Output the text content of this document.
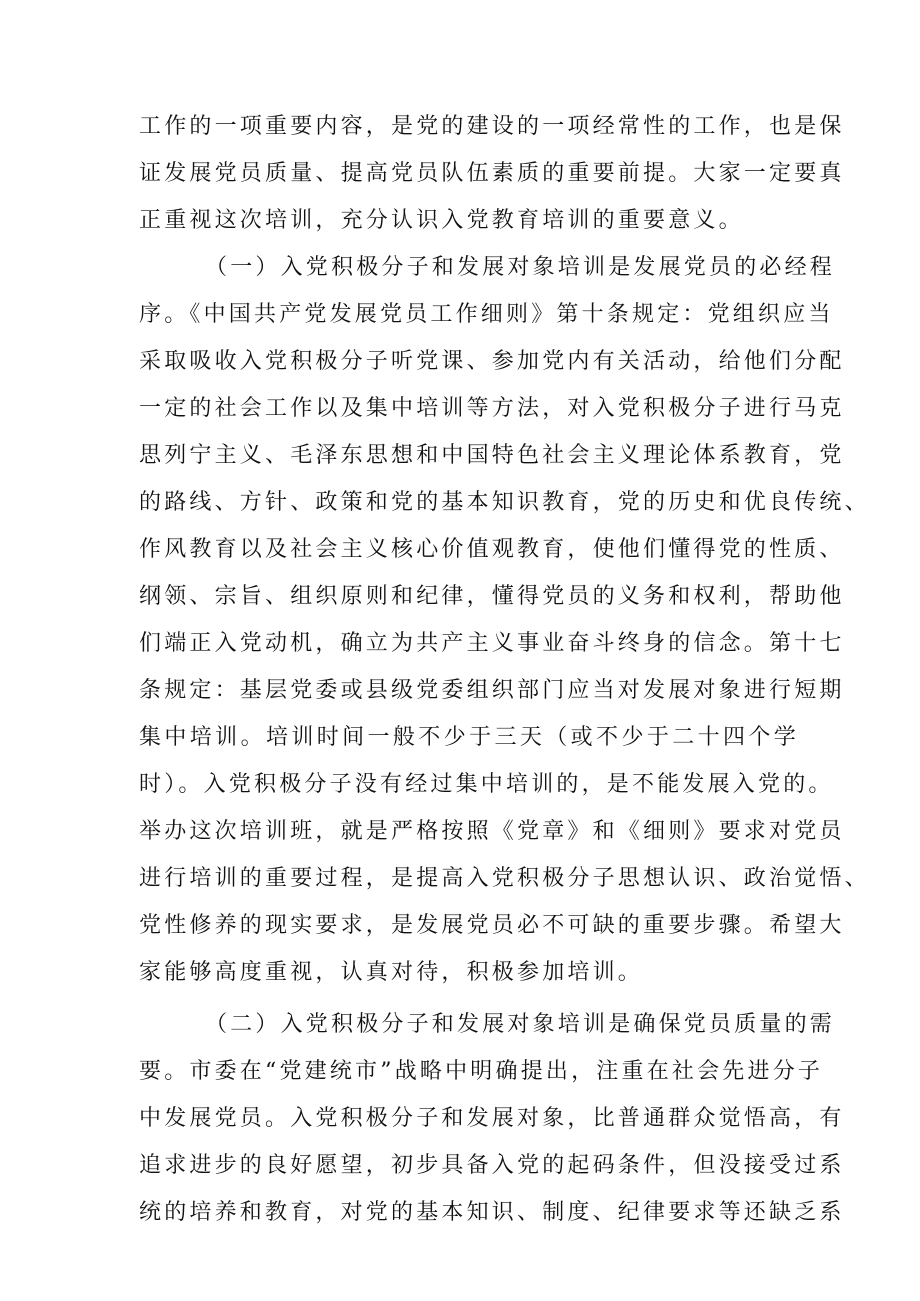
工作的一项重要内容，是党的建设的一项经常性的工作，也是保
证发展党员质量、提高党员队伍素质的重要前提。大家一定要真
正重视这次培训，充分认识入党教育培训的重要意义。
（一）入党积极分子和发展对象培训是发展党员的必经程
序。《中国共产党发展党员工作细则》第十条规定：党组织应当
采取吸收入党积极分子听党课、参加党内有关活动，给他们分配
一定的社会工作以及集中培训等方法，对入党积极分子进行马克
思列宁主义、毛泽东思想和中国特色社会主义理论体系教育，党
的路线、方针、政策和党的基本知识教育，党的历史和优良传统、
作风教育以及社会主义核心价值观教育，使他们懂得党的性质、
纲领、宗旨、组织原则和纪律，懂得党员的义务和权利，帮助他
们端正入党动机，确立为共产主义事业奋斗终身的信念。第十七
条规定：基层党委或县级党委组织部门应当对发展对象进行短期
集中培训。培训时间一般不少于三天（或不少于二十四个学
时）。入党积极分子没有经过集中培训的，是不能发展入党的。
举办这次培训班，就是严格按照《党章》和《细则》要求对党员
进行培训的重要过程，是提高入党积极分子思想认识、政治觉悟、
党性修养的现实要求，是发展党员必不可缺的重要步骤。希望大
家能够高度重视，认真对待，积极参加培训。
（二）入党积极分子和发展对象培训是确保党员质量的需
要。市委在“党建统市”战略中明确提出，注重在社会先进分子
中发展党员。入党积极分子和发展对象，比普通群众觉悟高，有
追求进步的良好愿望，初步具备入党的起码条件，但没接受过系
统的培养和教育，对党的基本知识、制度、纪律要求等还缺乏系
